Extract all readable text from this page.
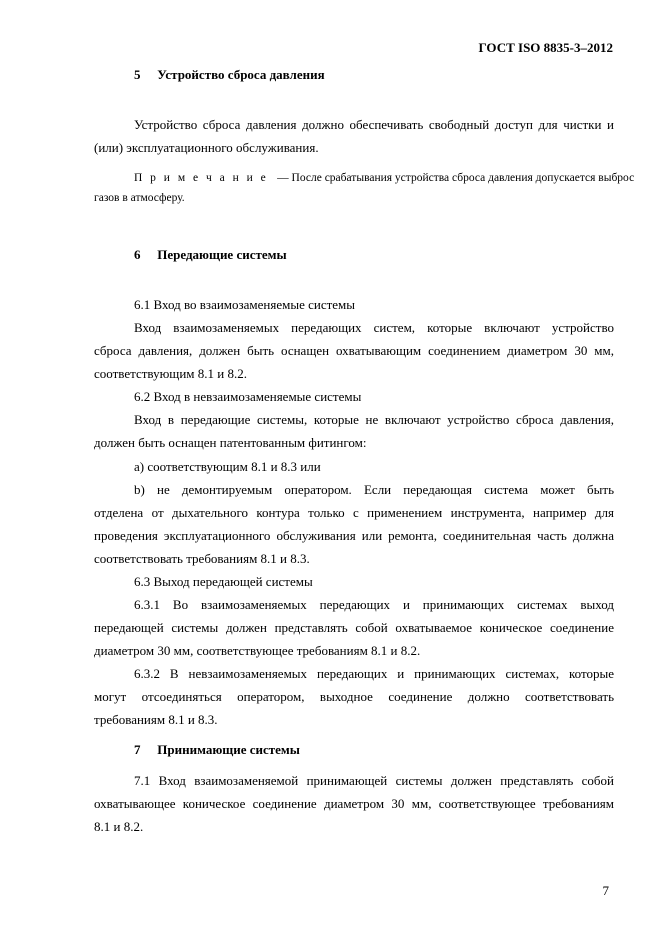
ГОСТ ISO 8835-3–2012
5 Устройство сброса давления
Устройство сброса давления должно обеспечивать свободный доступ для чистки и
(или) эксплуатационного обслуживания.
П р и м е ч а н и е — После срабатывания устройства сброса давления допускается выброс
газов в атмосферу.
6 Передающие системы
6.1 Вход во взаимозаменяемые системы
Вход взаимозаменяемых передающих систем, которые включают устройство
сброса давления, должен быть оснащен охватывающим соединением диаметром 30 мм,
соответствующим 8.1 и 8.2.
6.2 Вход в невзаимозаменяемые системы
Вход в передающие системы, которые не включают устройство сброса давления,
должен быть оснащен патентованным фитингом:
а) соответствующим 8.1 и 8.3 или
b) не демонтируемым оператором. Если передающая система может быть
отделена от дыхательного контура только с применением инструмента, например для
проведения эксплуатационного обслуживания или ремонта, соединительная часть должна
соответствовать требованиям 8.1 и 8.3.
6.3 Выход передающей системы
6.3.1 Во взаимозаменяемых передающих и принимающих системах выход
передающей системы должен представлять собой охватываемое коническое соединение
диаметром 30 мм, соответствующее требованиям 8.1 и 8.2.
6.3.2 В невзаимозаменяемых передающих и принимающих системах, которые
могут отсоединяться оператором, выходное соединение должно соответствовать
требованиям 8.1 и 8.3.
7 Принимающие системы
7.1 Вход взаимозаменяемой принимающей системы должен представлять собой
охватывающее коническое соединение диаметром 30 мм, соответствующее требованиям
8.1 и 8.2.
7
